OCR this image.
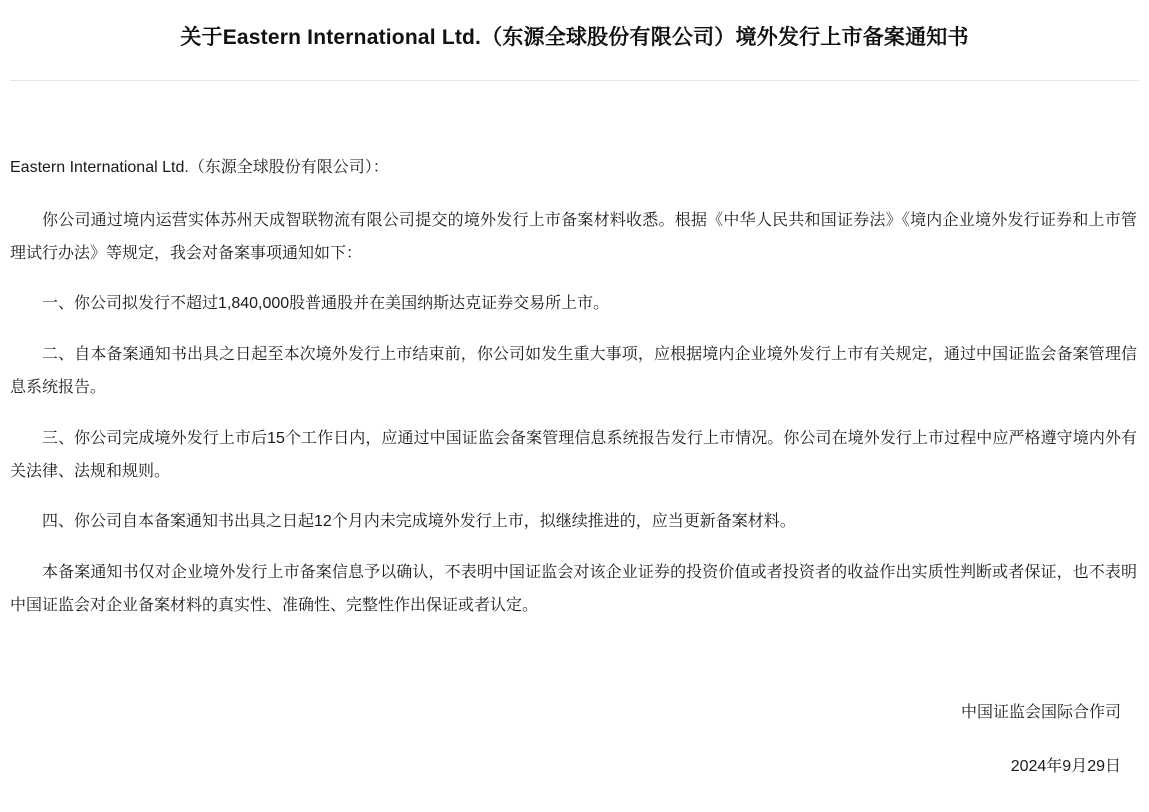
关于Eastern International Ltd.（东源全球股份有限公司）境外发行上市备案通知书
Eastern International Ltd.（东源全球股份有限公司）：

你公司通过境内运营实体苏州天成智联物流有限公司提交的境外发行上市备案材料收悉。根据《中华人民共和国证券法》《境内企业境外发行证券和上市管理试行办法》等规定，我会对备案事项通知如下：

一、你公司拟发行不超过1,840,000股普通股并在美国纳斯达克证券交易所上市。

二、自本备案通知书出具之日起至本次境外发行上市结束前，你公司如发生重大事项，应根据境内企业境外发行上市有关规定，通过中国证监会备案管理信息系统报告。

三、你公司完成境外发行上市后15个工作日内，应通过中国证监会备案管理信息系统报告发行上市情况。你公司在境外发行上市过程中应严格遵守境内外有关法律、法规和规则。

四、你公司自本备案通知书出具之日起12个月内未完成境外发行上市，拟继续推进的，应当更新备案材料。

本备案通知书仅对企业境外发行上市备案信息予以确认，不表明中国证监会对该企业证券的投资价值或者投资者的收益作出实质性判断或者保证，也不表明中国证监会对企业备案材料的真实性、准确性、完整性作出保证或者认定。

中国证监会国际合作司
2024年9月29日
